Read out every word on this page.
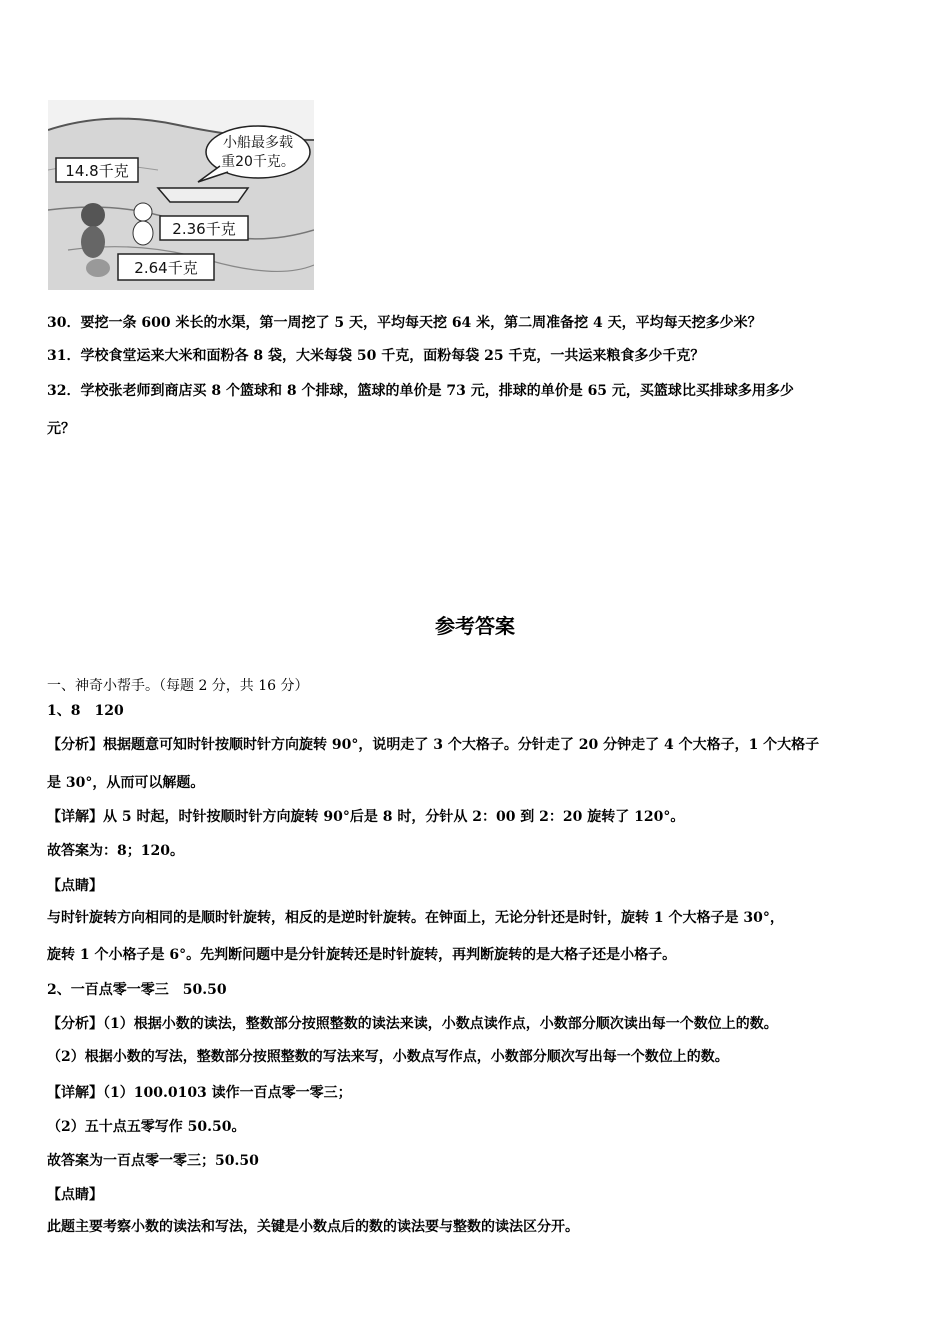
小船最多载
重20千克。
14.8千克
2.36千克
2.64千克
30．要挖一条 600 米长的水渠，第一周挖了 5 天，平均每天挖 64 米，第二周准备挖 4 天，平均每天挖多少米？
31．学校食堂运来大米和面粉各 8 袋，大米每袋 50 千克，面粉每袋 25 千克，一共运来粮食多少千克？
32．学校张老师到商店买 8 个篮球和 8 个排球，篮球的单价是 73 元，排球的单价是 65 元，买篮球比买排球多用多少
元？
参考答案
一、神奇小帮手。（每题 2 分，共 16 分）
1、8　120
【分析】根据题意可知时针按顺时针方向旋转 90°，说明走了 3 个大格子。分针走了 20 分钟走了 4 个大格子，1 个大格子
是 30°，从而可以解题。
【详解】从 5 时起，时针按顺时针方向旋转 90°后是 8 时，分针从 2：00 到 2：20 旋转了 120°。
故答案为：8；120。
【点睛】
与时针旋转方向相同的是顺时针旋转，相反的是逆时针旋转。在钟面上，无论分针还是时针，旋转 1 个大格子是 30°，
旋转 1 个小格子是 6°。先判断问题中是分针旋转还是时针旋转，再判断旋转的是大格子还是小格子。
2、一百点零一零三　50.50
【分析】（1）根据小数的读法，整数部分按照整数的读法来读，小数点读作点，小数部分顺次读出每一个数位上的数。
（2）根据小数的写法，整数部分按照整数的写法来写，小数点写作点，小数部分顺次写出每一个数位上的数。
【详解】（1）100.0103 读作一百点零一零三；
（2）五十点五零写作 50.50。
故答案为一百点零一零三；50.50
【点睛】
此题主要考察小数的读法和写法，关键是小数点后的数的读法要与整数的读法区分开。
